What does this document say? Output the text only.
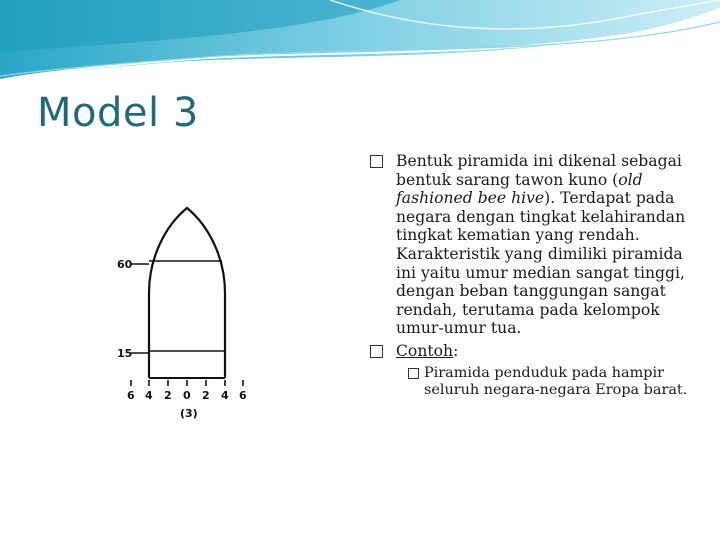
Model 3
60
15
6 4 2 0 2 4 6
(3)

Bentuk piramida ini dikenal sebagai bentuk sarang tawon kuno (old fashioned bee hive). Terdapat pada negara dengan tingkat kelahirandan tingkat kematian yang rendah. Karakteristik yang dimiliki piramida ini yaitu umur median sangat tinggi, dengan beban tanggungan sangat rendah, terutama pada kelompok umur-umur tua.

Contoh:

Piramida penduduk pada hampir seluruh negara-negara Eropa barat.
